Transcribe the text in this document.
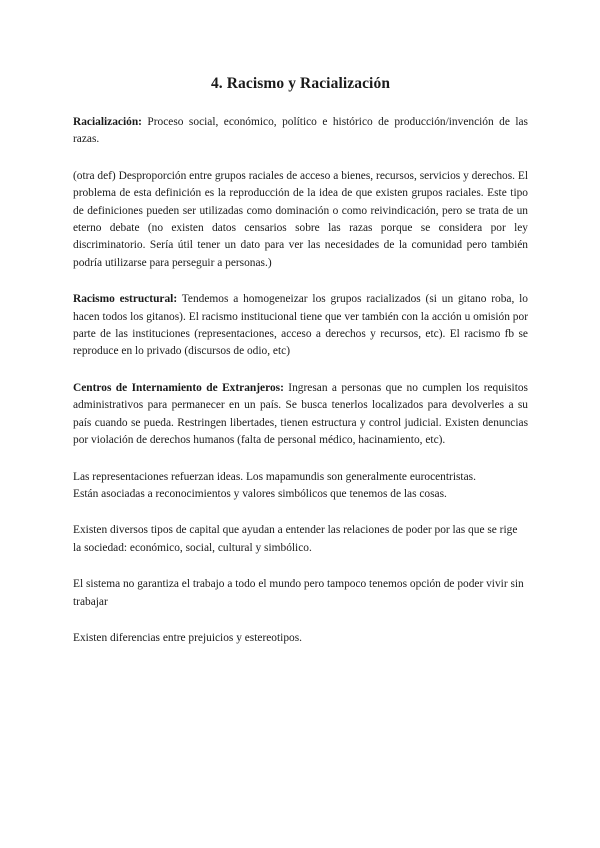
4. Racismo y Racialización

Racialización: Proceso social, económico, político e histórico de producción/invención de las razas.

(otra def) Desproporción entre grupos raciales de acceso a bienes, recursos, servicios y derechos. El problema de esta definición es la reproducción de la idea de que existen grupos raciales. Este tipo de definiciones pueden ser utilizadas como dominación o como reivindicación, pero se trata de un eterno debate (no existen datos censarios sobre las razas porque se considera por ley discriminatorio. Sería útil tener un dato para ver las necesidades de la comunidad pero también podría utilizarse para perseguir a personas.)

Racismo estructural: Tendemos a homogeneizar los grupos racializados (si un gitano roba, lo hacen todos los gitanos). El racismo institucional tiene que ver también con la acción u omisión por parte de las instituciones (representaciones, acceso a derechos y recursos, etc). El racismo fb se reproduce en lo privado (discursos de odio, etc)

Centros de Internamiento de Extranjeros: Ingresan a personas que no cumplen los requisitos administrativos para permanecer en un país. Se busca tenerlos localizados para devolverles a su país cuando se pueda. Restringen libertades, tienen estructura y control judicial. Existen denuncias por violación de derechos humanos (falta de personal médico, hacinamiento, etc).

Las representaciones refuerzan ideas. Los mapamundis son generalmente eurocentristas.
Están asociadas a reconocimientos y valores simbólicos que tenemos de las cosas.

Existen diversos tipos de capital que ayudan a entender las relaciones de poder por las que se rige la sociedad: económico, social, cultural y simbólico.

El sistema no garantiza el trabajo a todo el mundo pero tampoco tenemos opción de poder vivir sin trabajar

Existen diferencias entre prejuicios y estereotipos.
